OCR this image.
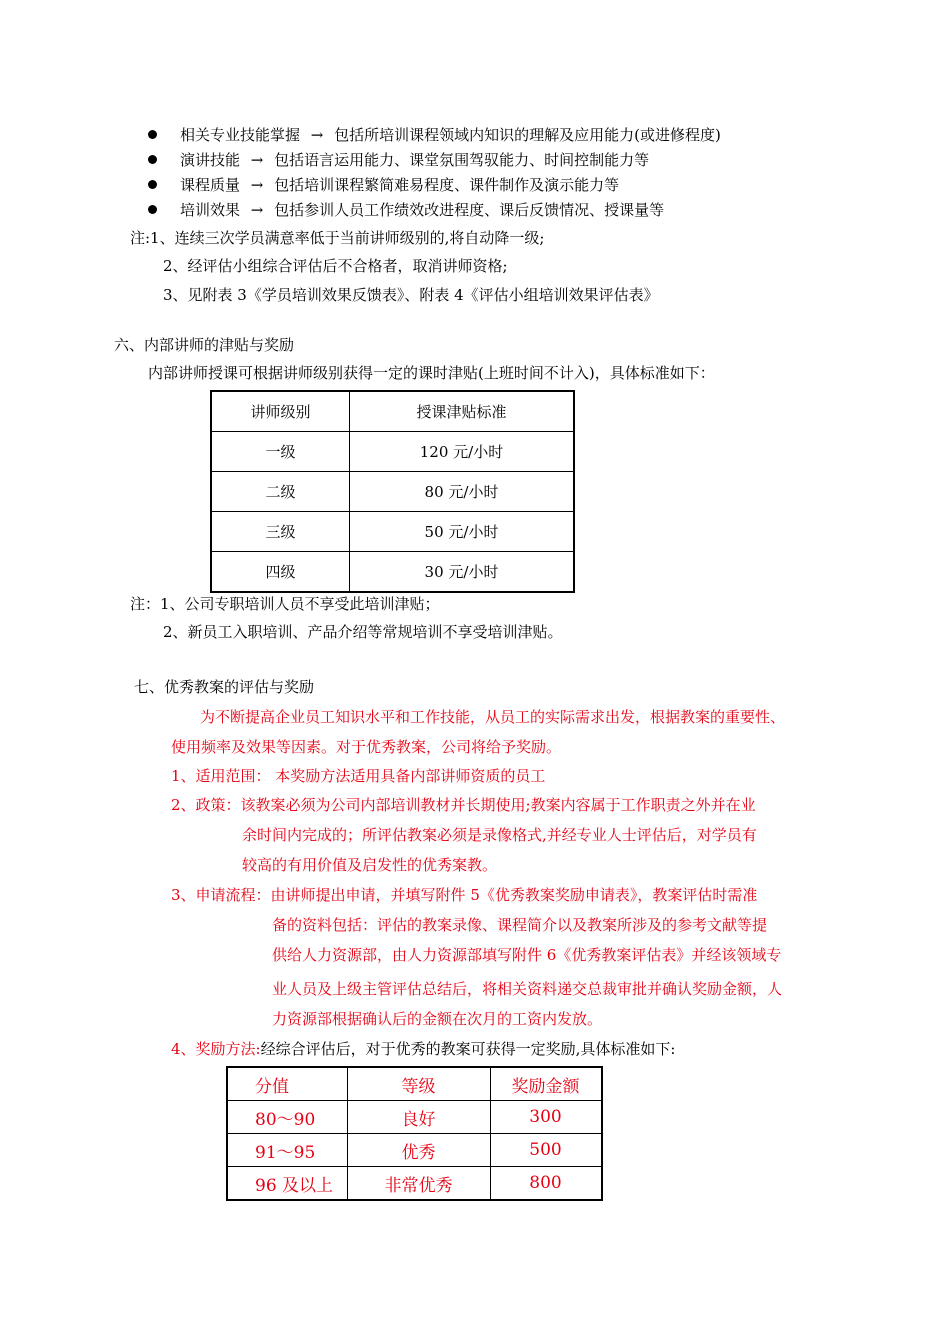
相关专业技能掌握 → 包括所培训课程领域内知识的理解及应用能力(或进修程度)
演讲技能 → 包括语言运用能力、课堂氛围驾驭能力、时间控制能力等
课程质量 → 包括培训课程繁简难易程度、课件制作及演示能力等
培训效果 → 包括参训人员工作绩效改进程度、课后反馈情况、授课量等
注:1、连续三次学员满意率低于当前讲师级别的,将自动降一级;
2、经评估小组综合评估后不合格者，取消讲师资格;
3、见附表 3《学员培训效果反馈表》、附表 4《评估小组培训效果评估表》
六、内部讲师的津贴与奖励
内部讲师授课可根据讲师级别获得一定的课时津贴(上班时间不计入)，具体标准如下：
讲师级别	授课津贴标准
一级	120 元/小时
二级	80 元/小时
三级	50 元/小时
四级	30 元/小时
注：1、公司专职培训人员不享受此培训津贴；
2、新员工入职培训、产品介绍等常规培训不享受培训津贴。
七、优秀教案的评估与奖励
为不断提高企业员工知识水平和工作技能，从员工的实际需求出发，根据教案的重要性、
使用频率及效果等因素。对于优秀教案，公司将给予奖励。
1、适用范围： 本奖励方法适用具备内部讲师资质的员工
2、政策：该教案必须为公司内部培训教材并长期使用;教案内容属于工作职责之外并在业
余时间内完成的；所评估教案必须是录像格式,并经专业人士评估后，对学员有
较高的有用价值及启发性的优秀案教。
3、申请流程：由讲师提出申请，并填写附件 5《优秀教案奖励申请表》，教案评估时需准
备的资料包括：评估的教案录像、课程简介以及教案所涉及的参考文献等提
供给人力资源部，由人力资源部填写附件 6《优秀教案评估表》并经该领域专
业人员及上级主管评估总结后，将相关资料递交总裁审批并确认奖励金额，人
力资源部根据确认后的金额在次月的工资内发放。
4、奖励方法:经综合评估后，对于优秀的教案可获得一定奖励,具体标准如下:
分值	等级	奖励金额
80～90	良好	300
91～95	优秀	500
96 及以上	非常优秀	800
